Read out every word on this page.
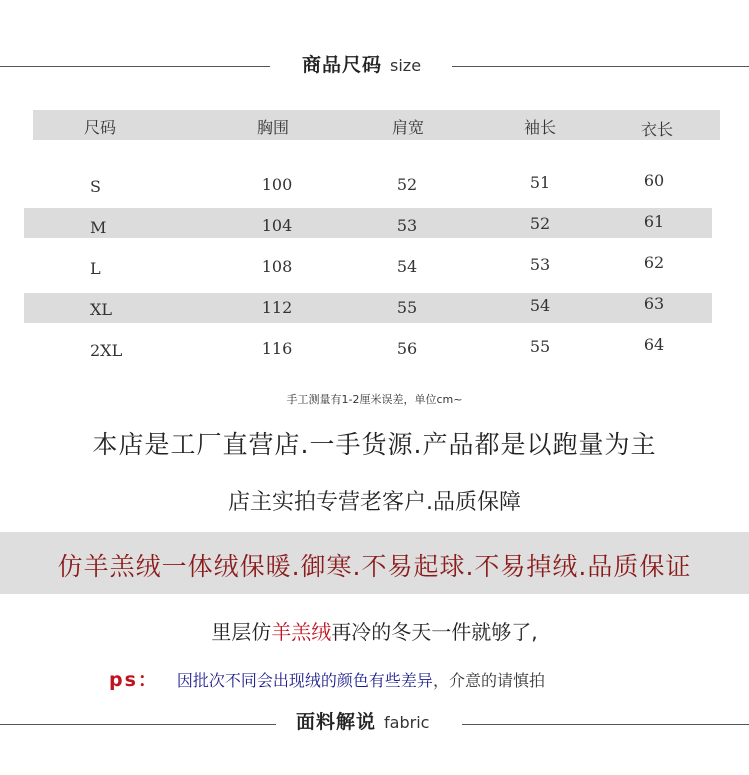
商品尺码 size
尺码	胸围	肩宽	袖长	衣长
S	100	52	51	60
M	104	53	52	61
L	108	54	53	62
XL	112	55	54	63
2XL	116	56	55	64
手工测量有1-2厘米误差，单位cm~
本店是工厂直营店.一手货源.产品都是以跑量为主
店主实拍专营老客户.品质保障
仿羊羔绒一体绒保暖.御寒.不易起球.不易掉绒.品质保证
里层仿羊羔绒再冷的冬天一件就够了,
ps： 因批次不同会出现绒的颜色有些差异，介意的请慎拍
面料解说 fabric
